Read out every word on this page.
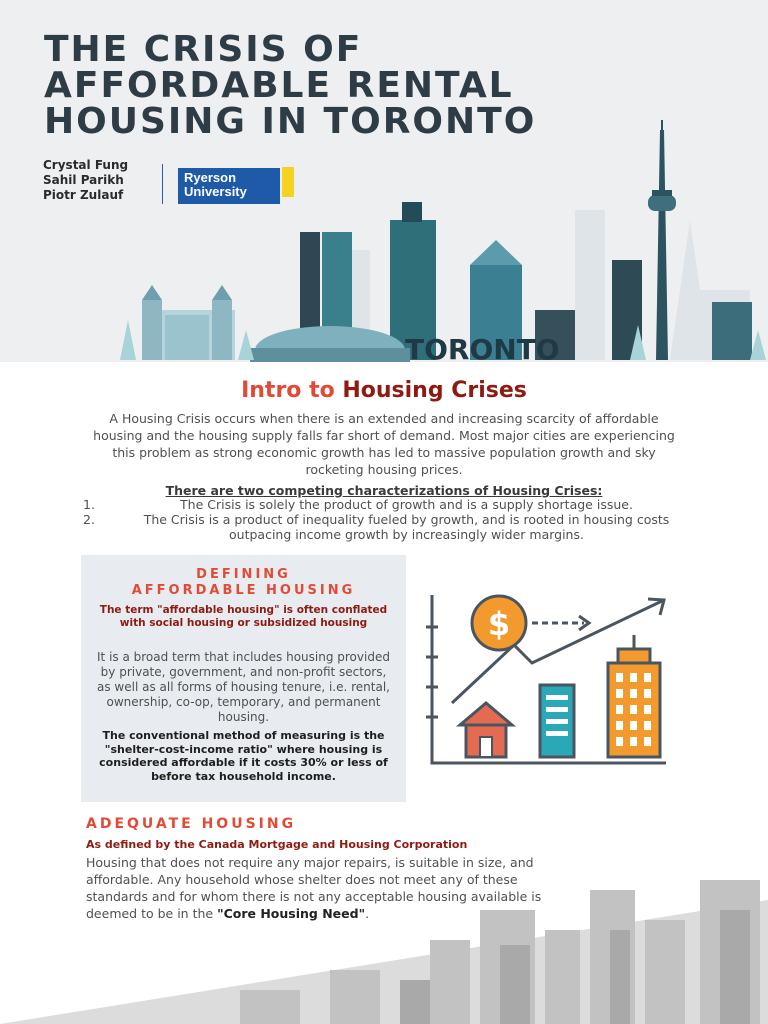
THE CRISIS OF
AFFORDABLE RENTAL
HOUSING IN TORONTO
Crystal Fung
Sahil Parikh
Piotr Zulauf
Ryerson
University
TORONTO
Intro to Housing Crises

A Housing Crisis occurs when there is an extended and increasing scarcity of affordable housing and the housing supply falls far short of demand. Most major cities are experiencing this problem as strong economic growth has led to massive population growth and sky rocketing housing prices.

There are two competing characterizations of Housing Crises:

1.	The Crisis is solely the product of growth and is a supply shortage issue.
2.	The Crisis is a product of inequality fueled by growth, and is rooted in housing costs outpacing income growth by increasingly wider margins.
DEFINING
AFFORDABLE HOUSING
The term "affordable housing" is often conflated with social housing or subsidized housing
It is a broad term that includes housing provided by private, government, and non-profit sectors, as well as all forms of housing tenure, i.e. rental, ownership, co-op, temporary, and permanent housing.
The conventional method of measuring is the "shelter-cost-income ratio" where housing is considered affordable if it costs 30% or less of before tax household income.
$

ADEQUATE HOUSING

As defined by the Canada Mortgage and Housing Corporation

Housing that does not require any major repairs, is suitable in size, and affordable. Any household whose shelter does not meet any of these standards and for whom there is not any acceptable housing available is deemed to be in the "Core Housing Need".
